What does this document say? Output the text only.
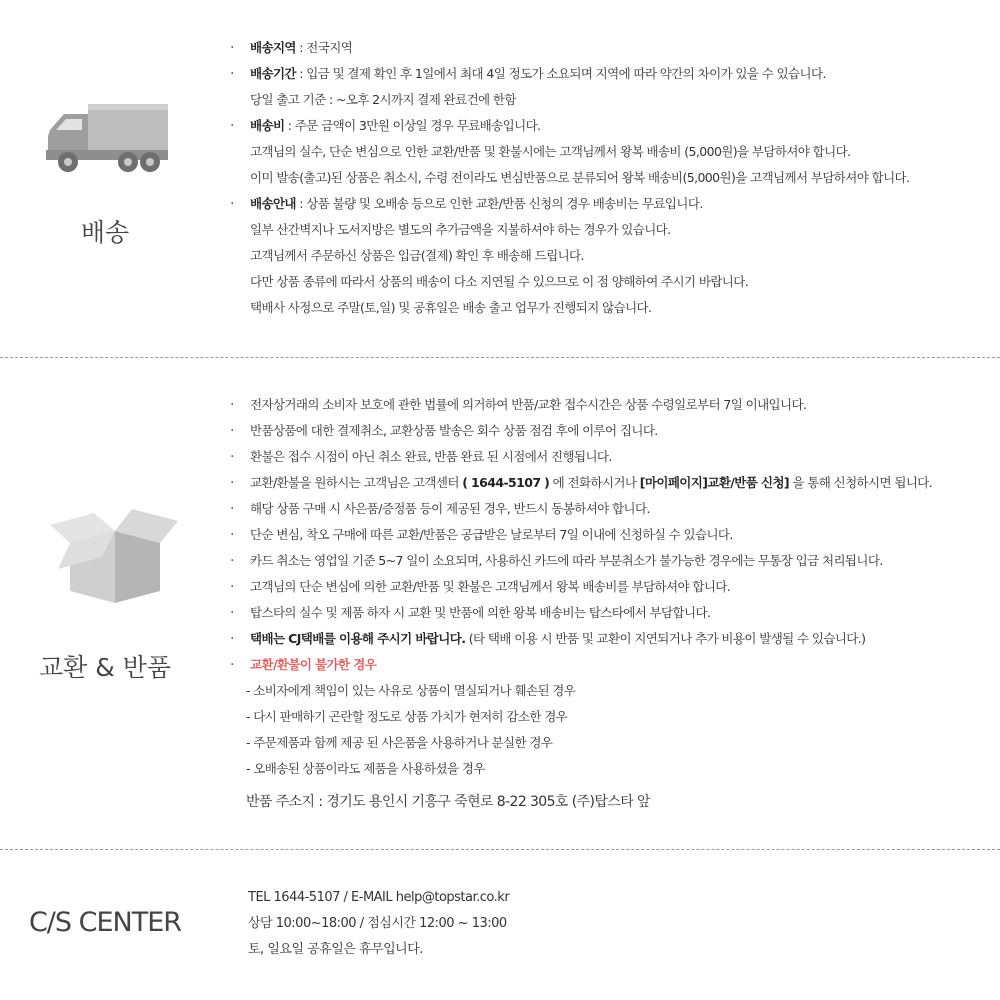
배송
· 배송지역 : 전국지역
· 배송기간 : 입금 및 결제 확인 후 1일에서 최대 4일 정도가 소요되며 지역에 따라 약간의 차이가 있을 수 있습니다.
당일 출고 기준 : ~오후 2시까지 결제 완료건에 한함
· 배송비 : 주문 금액이 3만원 이상일 경우 무료배송입니다.
고객님의 실수, 단순 변심으로 인한 교환/반품 및 환불시에는 고객님께서 왕복 배송비 (5,000원)을 부담하셔야 합니다.
이미 발송(출고)된 상품은 취소시, 수령 전이라도 변심반품으로 분류되어 왕복 배송비(5,000원)을 고객님께서 부담하셔야 합니다.
· 배송안내 : 상품 불량 및 오배송 등으로 인한 교환/반품 신청의 경우 배송비는 무료입니다.
일부 산간벽지나 도서지방은 별도의 추가금액을 지불하셔야 하는 경우가 있습니다.
고객님께서 주문하신 상품은 입금(결제) 확인 후 배송해 드립니다.
다만 상품 종류에 따라서 상품의 배송이 다소 지연될 수 있으므로 이 점 양해하여 주시기 바랍니다.
택배사 사정으로 주말(토,일) 및 공휴일은 배송 출고 업무가 진행되지 않습니다.
교환 & 반품
· 전자상거래의 소비자 보호에 관한 법률에 의거하여 반품/교환 접수시간은 상품 수령일로부터 7일 이내입니다.
· 반품상품에 대한 결제취소, 교환상품 발송은 회수 상품 점검 후에 이루어 집니다.
· 환불은 접수 시점이 아닌 취소 완료, 반품 완료 된 시점에서 진행됩니다.
· 교환/환불을 원하시는 고객님은 고객센터 ( 1644-5107 ) 에 전화하시거나 [마이페이지]교환/반품 신청] 을 통해 신청하시면 됩니다.
· 해당 상품 구매 시 사은품/증정품 등이 제공된 경우, 반드시 동봉하셔야 합니다.
· 단순 변심, 착오 구매에 따른 교환/반품은 공급받은 날로부터 7일 이내에 신청하실 수 있습니다.
· 카드 취소는 영업일 기준 5~7 일이 소요되며, 사용하신 카드에 따라 부분취소가 불가능한 경우에는 무통장 입금 처리됩니다.
· 고객님의 단순 변심에 의한 교환/반품 및 환불은 고객님께서 왕복 배송비를 부담하셔야 합니다.
· 탑스타의 실수 및 제품 하자 시 교환 및 반품에 의한 왕복 배송비는 탑스타에서 부담합니다.
· 택배는 CJ택배를 이용해 주시기 바랍니다. (타 택배 이용 시 반품 및 교환이 지연되거나 추가 비용이 발생될 수 있습니다.)
· 교환/환불이 불가한 경우
- 소비자에게 책임이 있는 사유로 상품이 멸실되거나 훼손된 경우
- 다시 판매하기 곤란할 정도로 상품 가치가 현저히 감소한 경우
- 주문제품과 함께 제공 된 사은품을 사용하거나 분실한 경우
- 오배송된 상품이라도 제품을 사용하셨을 경우
반품 주소지 : 경기도 용인시 기흥구 죽현로 8-22 305호 (주)탑스타 앞
C/S CENTER
TEL 1644-5107 / E-MAIL help@topstar.co.kr
상담 10:00~18:00 / 점심시간 12:00 ~ 13:00
토, 일요일 공휴일은 휴무입니다.
